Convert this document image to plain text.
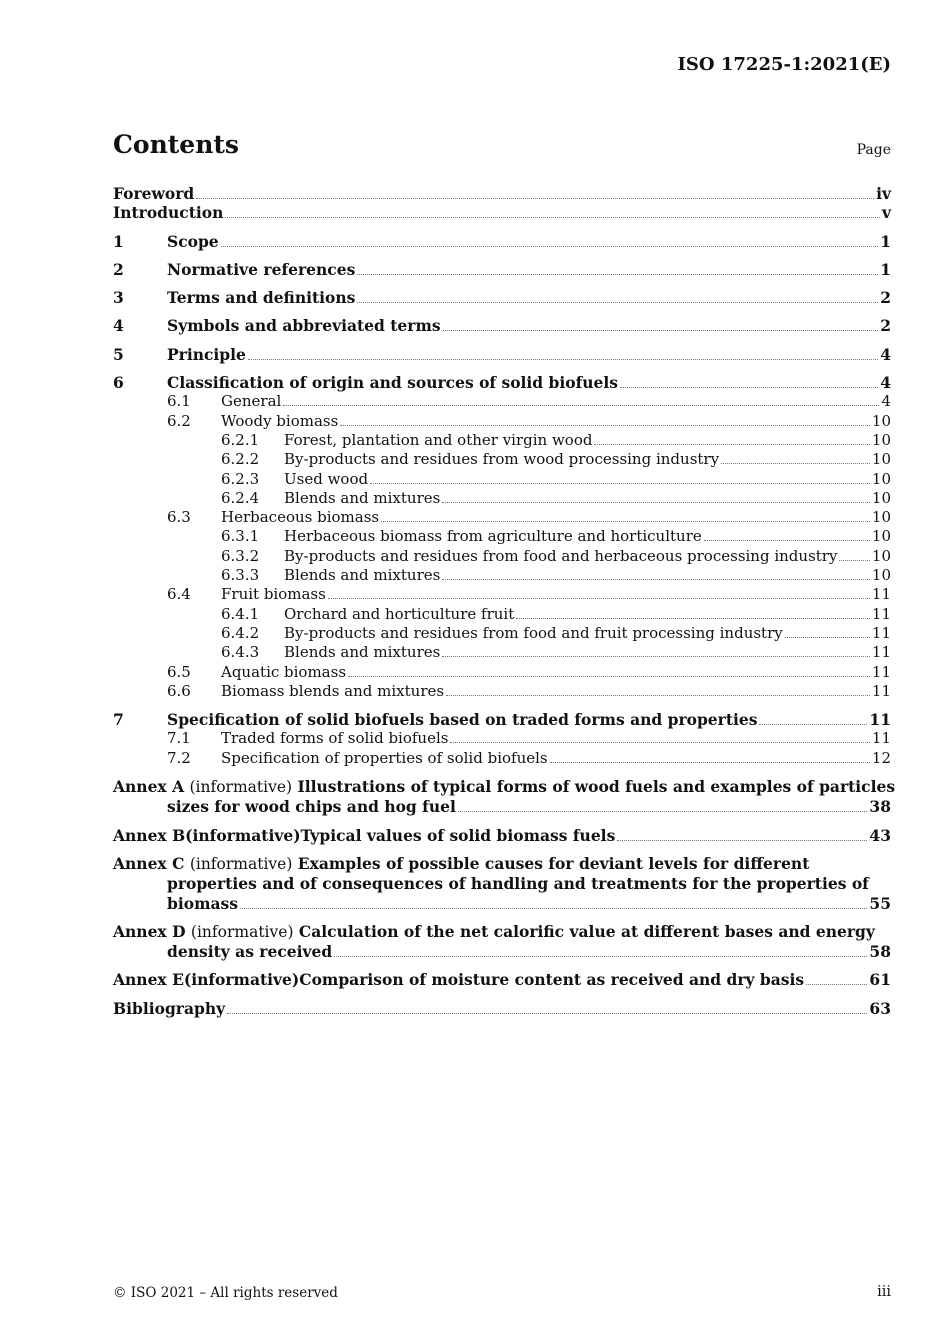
ISO 17225-1:2021(E)
Contents	Page
Foreword	iv
Introduction	v
1	Scope	1
2	Normative references	1
3	Terms and definitions	2
4	Symbols and abbreviated terms	2
5	Principle	4
6	Classification of origin and sources of solid biofuels	4
6.1	General	4
6.2	Woody biomass	10
6.2.1	Forest, plantation and other virgin wood	10
6.2.2	By-products and residues from wood processing industry	10
6.2.3	Used wood	10
6.2.4	Blends and mixtures	10
6.3	Herbaceous biomass	10
6.3.1	Herbaceous biomass from agriculture and horticulture	10
6.3.2	By-products and residues from food and herbaceous processing industry 10
6.3.3	Blends and mixtures	10
6.4	Fruit biomass	11
6.4.1	Orchard and horticulture fruit	11
6.4.2	By-products and residues from food and fruit processing industry	11
6.4.3	Blends and mixtures	11
6.5	Aquatic biomass	11
6.6	Biomass blends and mixtures	11
7	Specification of solid biofuels based on traded forms and properties	11
7.1	Traded forms of solid biofuels	11
7.2	Specification of properties of solid biofuels	12
Annex A (informative) Illustrations of typical forms of wood fuels and examples of particles
sizes for wood chips and hog fuel	38
Annex B (informative) Typical values of solid biomass fuels	43
Annex C (informative) Examples of possible causes for deviant levels for different
properties and of consequences of handling and treatments for the properties of
biomass	55
Annex D (informative) Calculation of the net calorific value at different bases and energy
density as received	58
Annex E (informative) Comparison of moisture content as received and dry basis	61
Bibliography	63
© ISO 2021 – All rights reserved	iii
